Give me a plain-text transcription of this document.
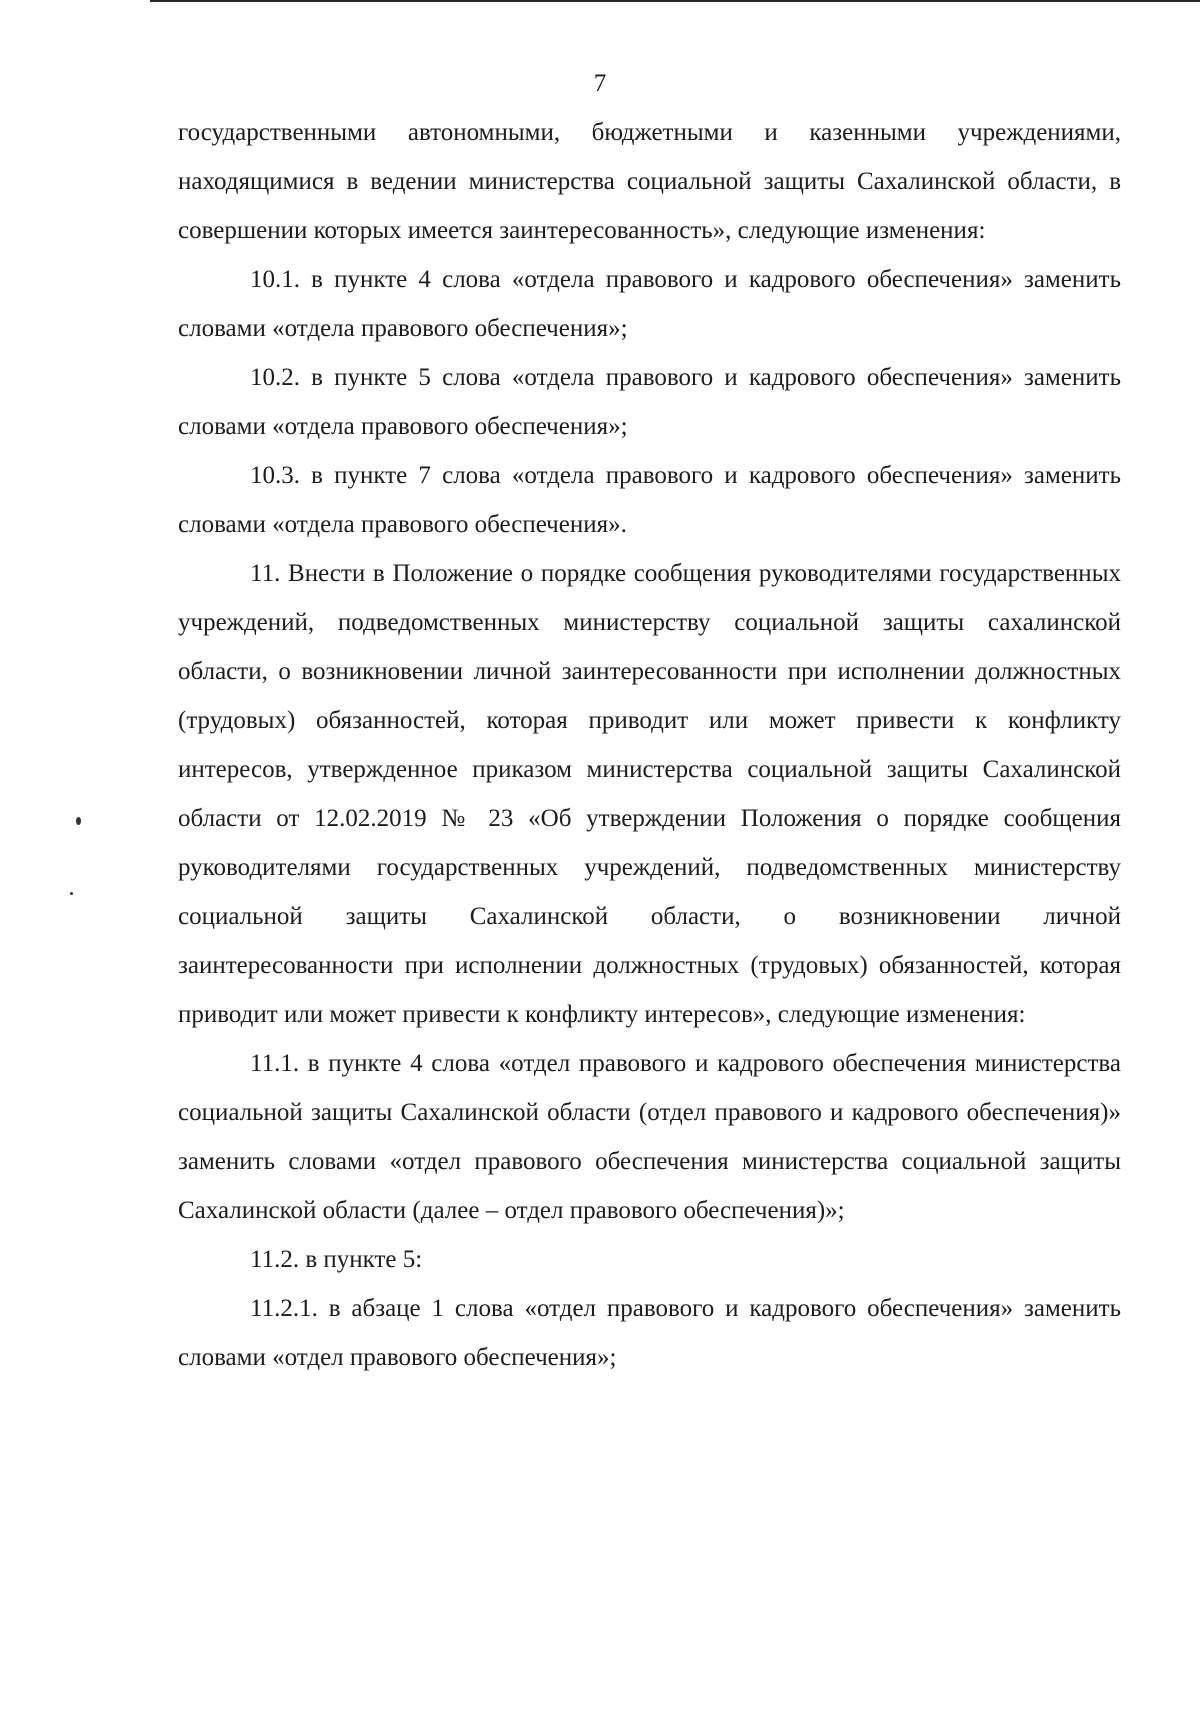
7

государственными автономными, бюджетными и казенными учреждениями, находящимися в ведении министерства социальной защиты Сахалинской области, в совершении которых имеется заинтересованность», следующие изменения:

10.1. в пункте 4 слова «отдела правового и кадрового обеспечения» заменить словами «отдела правового обеспечения»;

10.2. в пункте 5 слова «отдела правового и кадрового обеспечения» заменить словами «отдела правового обеспечения»;

10.3. в пункте 7 слова «отдела правового и кадрового обеспечения» заменить словами «отдела правового обеспечения».

11. Внести в Положение о порядке сообщения руководителями государственных учреждений, подведомственных министерству социальной защиты сахалинской области, о возникновении личной заинтересованности при исполнении должностных (трудовых) обязанностей, которая приводит или может привести к конфликту интересов, утвержденное приказом министерства социальной защиты Сахалинской области от 12.02.2019 № 23 «Об утверждении Положения о порядке сообщения руководителями государственных учреждений, подведомственных министерству социальной защиты Сахалинской области, о возникновении личной заинтересованности при исполнении должностных (трудовых) обязанностей, которая приводит или может привести к конфликту интересов», следующие изменения:

11.1. в пункте 4 слова «отдел правового и кадрового обеспечения министерства социальной защиты Сахалинской области (отдел правового и кадрового обеспечения)» заменить словами «отдел правового обеспечения министерства социальной защиты Сахалинской области (далее – отдел правового обеспечения)»;

11.2. в пункте 5:

11.2.1. в абзаце 1 слова «отдел правового и кадрового обеспечения» заменить словами «отдел правового обеспечения»;
